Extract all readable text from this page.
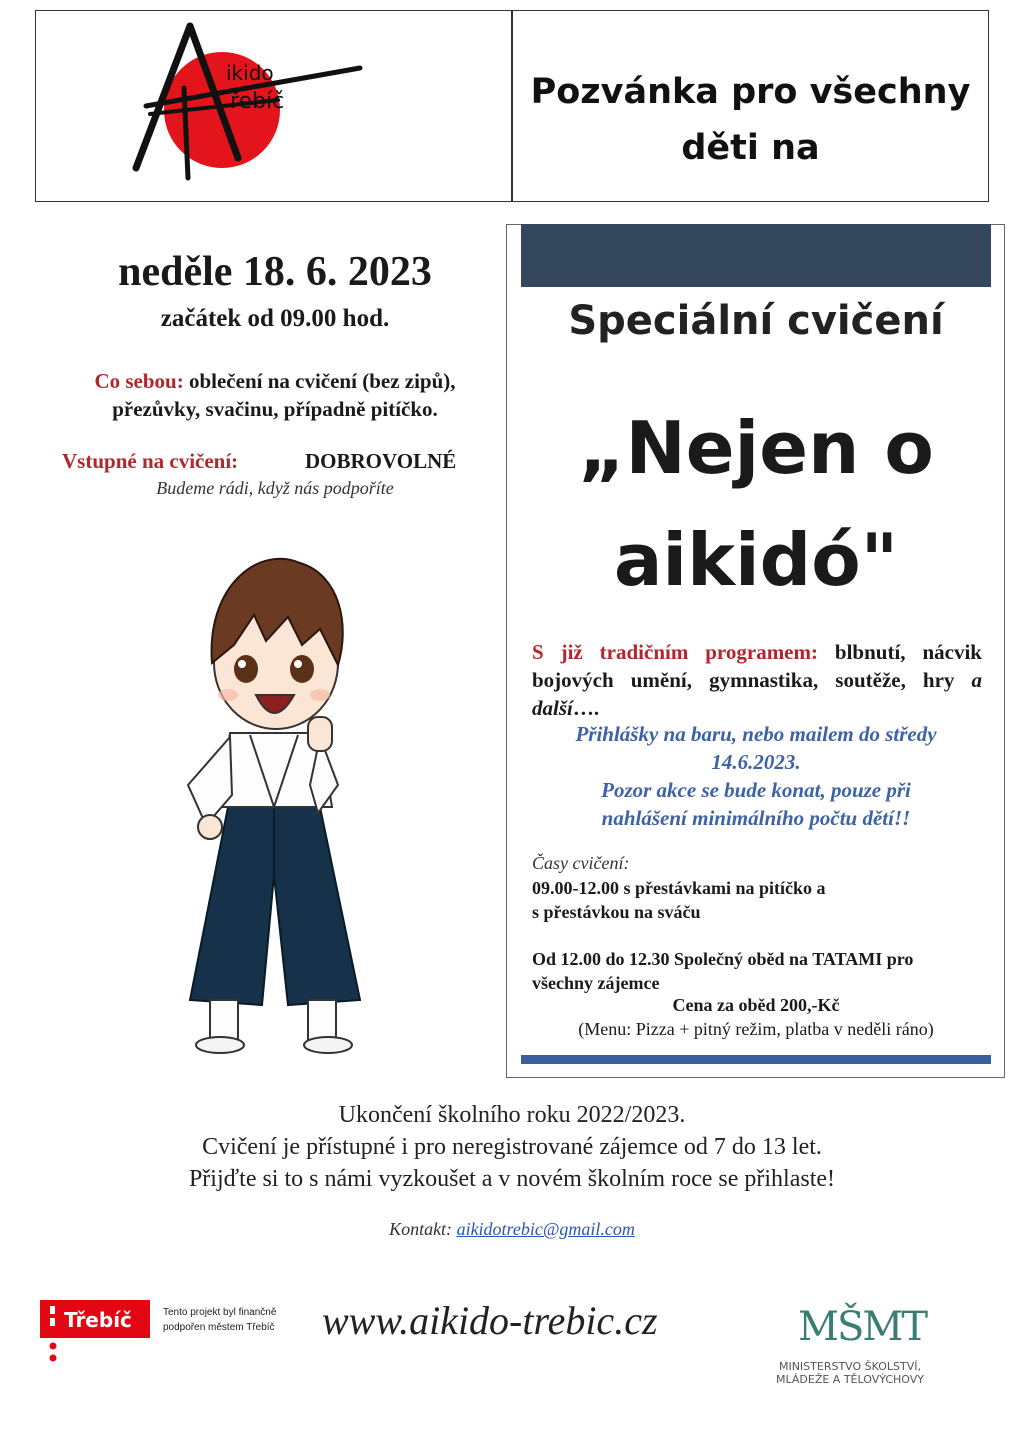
ikido
řebíč	Pozvánka pro všechny
děti na
neděle 18. 6. 2023
začátek od 09.00 hod.
Co sebou: oblečení na cvičení (bez zipů),
přezůvky, svačinu, případně pitíčko.
Vstupné na cvičení:	DOBROVOLNÉ
Budeme rádi, když nás podpoříte
Speciální cvičení
„Nejen o
aikidó"
S již tradičním programem: blbnutí, nácvik bojových umění, gymnastika, soutěže, hry a další….
Přihlášky na baru, nebo mailem do středy
14.6.2023.
Pozor akce se bude konat, pouze při
nahlášení minimálního počtu dětí!!
Časy cvičení:
09.00-12.00 s přestávkami na pitíčko a
s přestávkou na sváču
Od 12.00 do 12.30 Společný oběd na TATAMI pro
všechny zájemce
Cena za oběd 200,-Kč
(Menu: Pizza + pitný režim, platba v neděli ráno)
Ukončení školního roku 2022/2023.
Cvičení je přístupné i pro neregistrované zájemce od 7 do 13 let.
Přijďte si to s námi vyzkoušet a v novém školním roce se přihlaste!
Kontakt: aikidotrebic@gmail.com
www.aikido-trebic.cz
Třebíč	Tento projekt byl finančně
podpořen městem Třebíč	MŠMT
MINISTERSTVO ŠKOLSTVÍ,
MLÁDEŽE A TĚLOVÝCHOVY
